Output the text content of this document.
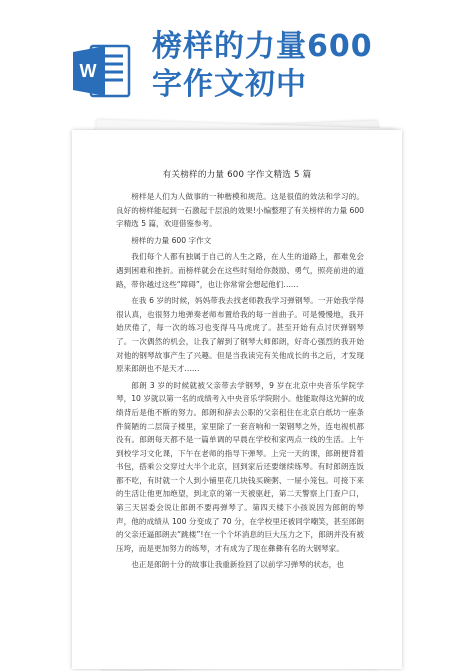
W
榜样的力量600
字作文初中
有关榜样的力量 600 字作文精选 5 篇

榜样是人们为人做事的一种楷模和规范。这是很值的效法和学习的。良好的榜样能起到一石激起千层浪的效果!小编整理了有关榜样的力量 600 字精选 5 篇，欢迎借鉴参考。

榜样的力量 600 字作文

我们每个人都有独属于自己的人生之路，在人生的道路上，都难免会遇到困难和挫折。而榜样就会在这些时刻给你鼓励、勇气，照亮前进的道路，带你越过这些“障碍”，也让你常常会想起他们……

在我 6 岁的时候，妈妈带我去找老师教我学习弹钢琴。一开始我学得很认真，也很努力地弹奏老师布置给我的每一首曲子。可是慢慢地，我开始厌倦了，每一次的练习也变得马马虎虎了。甚至开始有点讨厌弹钢琴了。一次偶然的机会，让我了解到了钢琴大师郎朗，好奇心强烈的我开始对他的钢琴故事产生了兴趣。但是当我读完有关他成长的书之后，才发现原来郎朗也不是天才……

郎朗 3 岁的时候就被父亲带去学钢琴，9 岁在北京中央音乐学院学琴，10 岁就以第一名的成绩考入中央音乐学院附小。他能取得这光鲜的成绩背后是他不断的努力。郎朗和辞去公职的父亲租住在北京白纸坊一座条件简陋的二层筒子楼里，家里除了一套音响和一架钢琴之外，连电视机都没有。郎朗每天都不是一篇单调的早晨在学校和家两点一线的生活。上午到校学习文化课，下午在老师的指导下弹琴。上完一天的课，郎朗便背着书包，搭乘公交穿过大半个北京，回到家后还要继续练琴。有时郎朗连饭都不吃，有时就一个人到小铺里花几块钱买碗粥、一屉小笼包。可接下来的生活让他更加绝望，到北京的第一天被驱赶，第二天警察上门查户口，第三天居委会说让郎朗不要再弹琴了。第四天楼下小孩说因为郎朗的琴声，他的成绩从 100 分变成了 70 分，在学校里还被同学嘲笑，甚至郎朗的父亲还逼郎朗去“跳楼”!在一个个坏消息的巨大压力之下，郎朗并没有被压垮，而是更加努力的练琴，才有成为了现在彝彝有名的大钢琴家。

也正是郎朗十分的故事让我重新捡回了以前学习弹琴的状态，也
